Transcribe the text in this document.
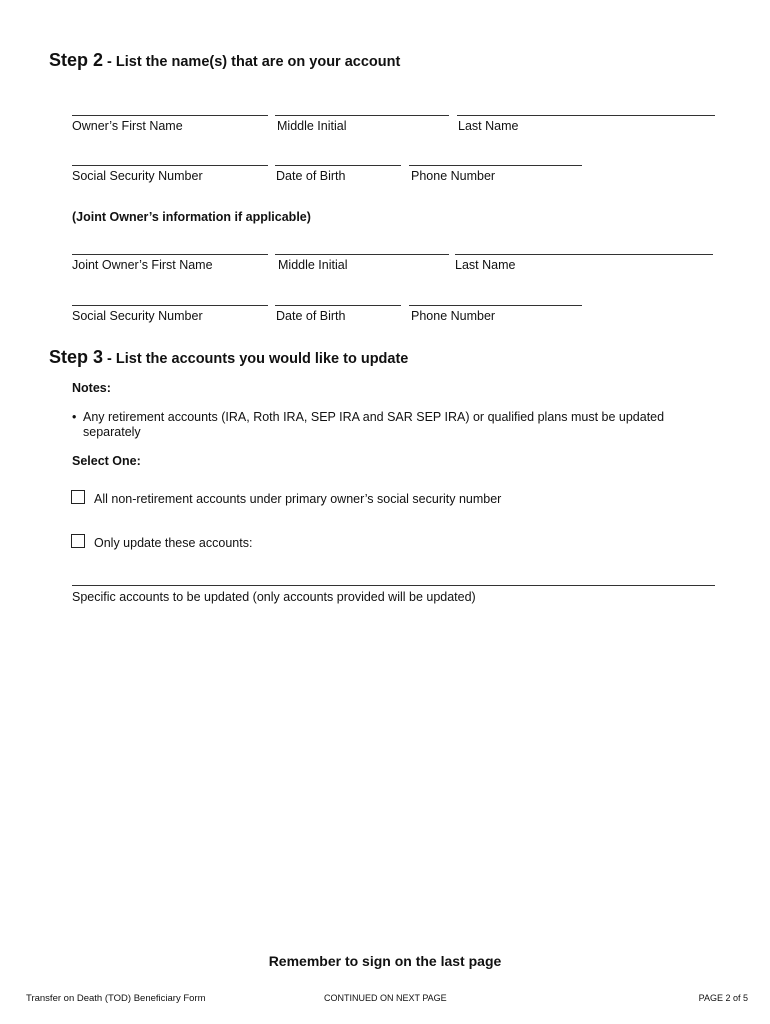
Step 2 - List the name(s) that are on your account
Owner’s First Name	Middle Initial	Last Name
Social Security Number	Date of Birth	Phone Number
(Joint Owner’s information if applicable)
Joint Owner’s First Name	Middle Initial	Last Name
Social Security Number	Date of Birth	Phone Number
Step 3 - List the accounts you would like to update
Notes:
• Any retirement accounts (IRA, Roth IRA, SEP IRA and SAR SEP IRA) or qualified plans must be updated separately
Select One:
All non-retirement accounts under primary owner’s social security number
Only update these accounts:
Specific accounts to be updated (only accounts provided will be updated)
Remember to sign on the last page
Transfer on Death (TOD) Beneficiary Form	CONTINUED ON NEXT PAGE	PAGE 2 of 5
